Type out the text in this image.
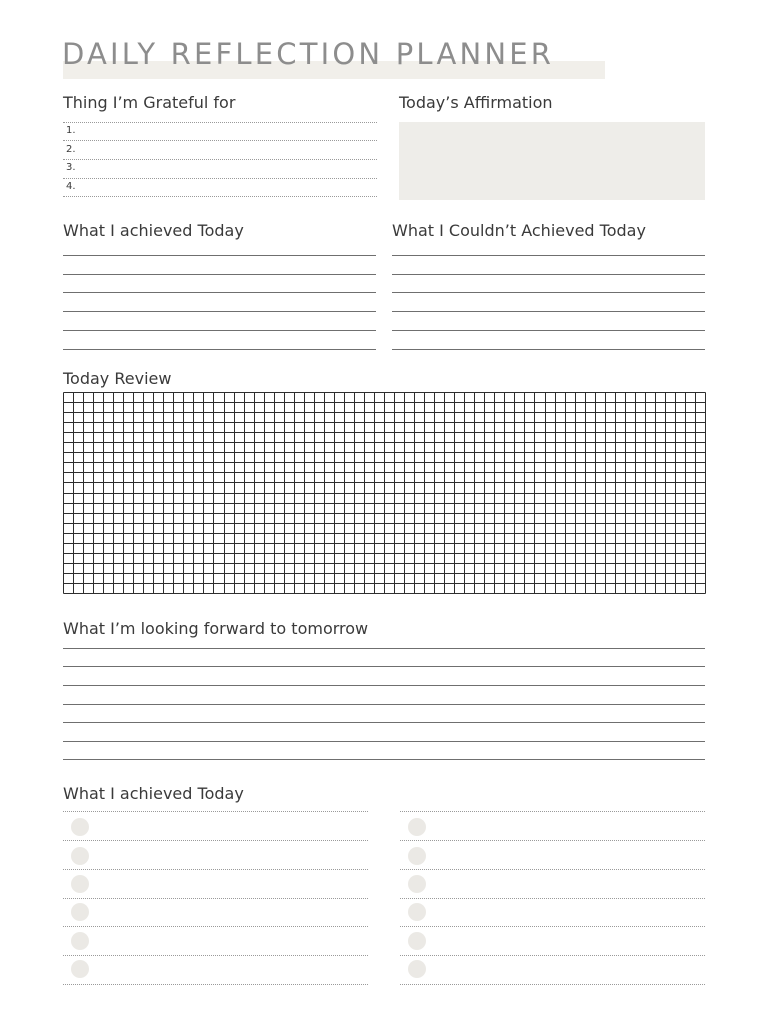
DAILY REFLECTION PLANNER
Thing I’m Grateful for
1.
2.
3.
4.
Today’s Affirmation
What I achieved Today	What I Couldn’t Achieved Today
Today Review
What I’m looking forward to tomorrow
What I achieved Today
